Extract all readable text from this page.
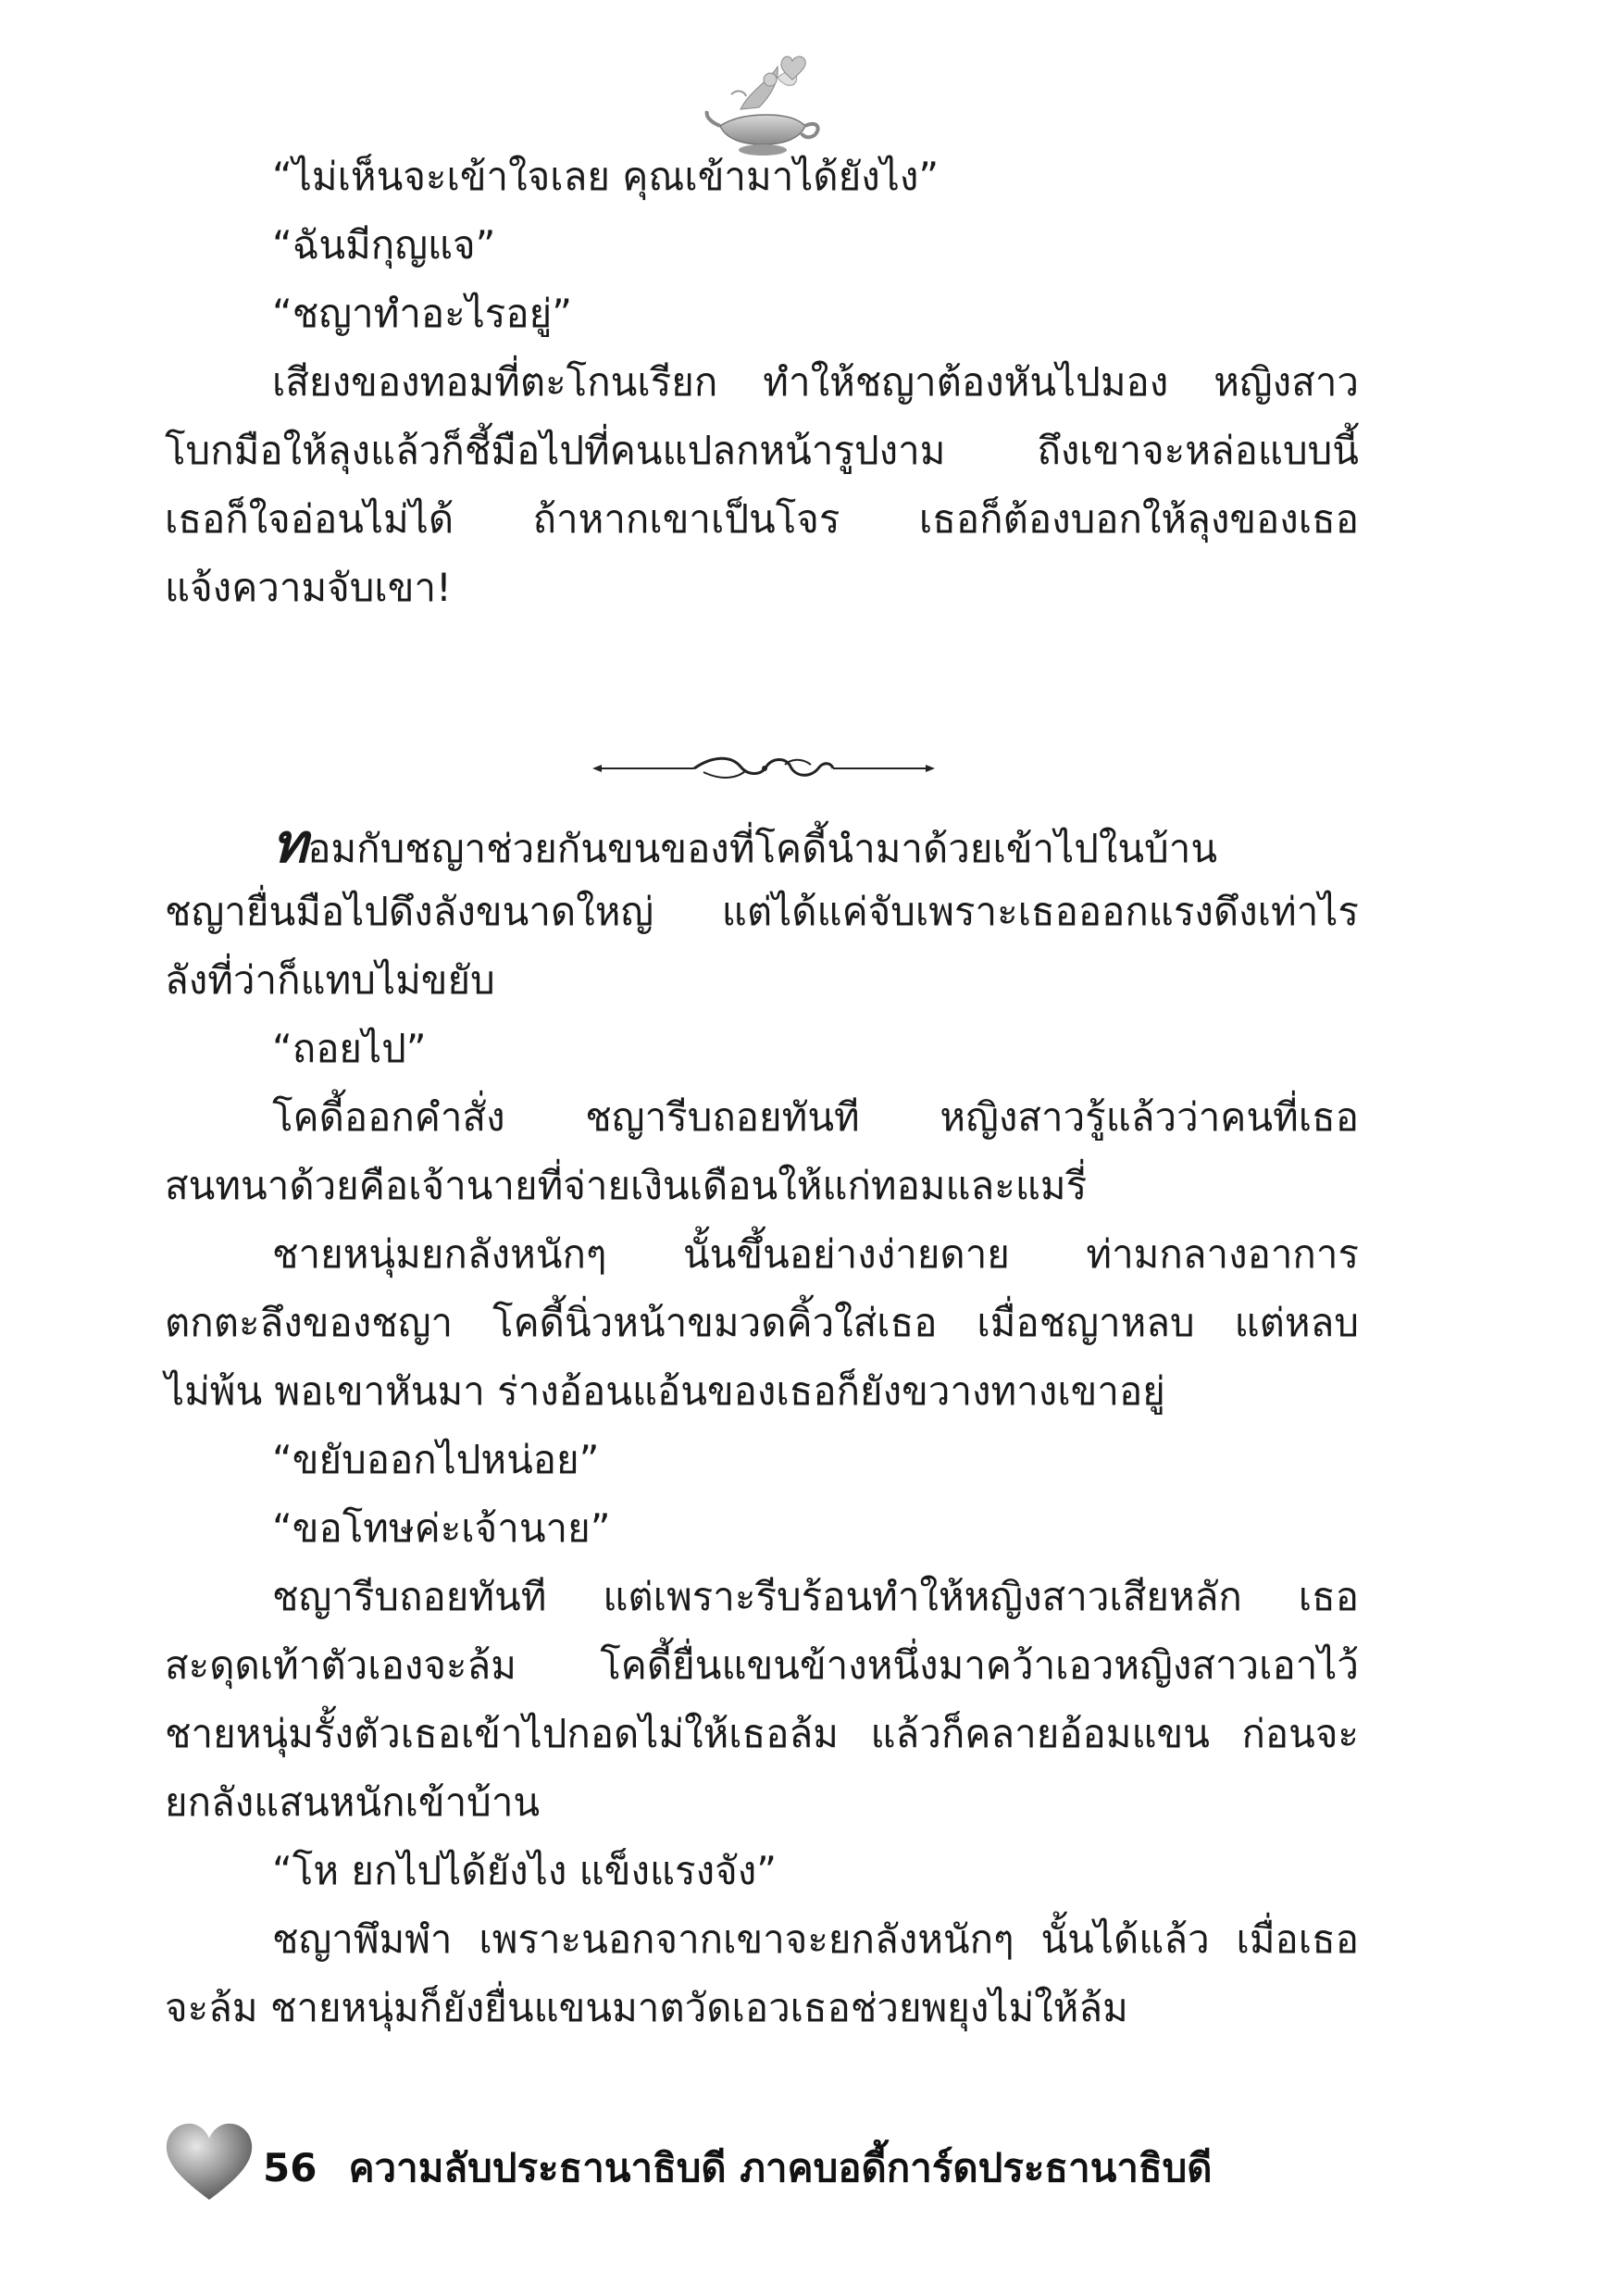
“ไม่เห็นจะเข้าใจเลย คุณเข้ามาได้ยังไง”
“ฉันมีกุญแจ”
“ชญาทำอะไรอยู่”
เสียงของทอมที่ตะโกนเรียก ทำให้ชญาต้องหันไปมอง หญิงสาว
โบกมือให้ลุงแล้วก็ชี้มือไปที่คนแปลกหน้ารูปงาม ถึงเขาจะหล่อแบบนี้
เธอก็ใจอ่อนไม่ได้ ถ้าหากเขาเป็นโจร เธอก็ต้องบอกให้ลุงของเธอ
แจ้งความจับเขา!
ทอมกับชญาช่วยกันขนของที่โคดี้นำมาด้วยเข้าไปในบ้าน
ชญายื่นมือไปดึงลังขนาดใหญ่ แต่ได้แค่จับเพราะเธอออกแรงดึงเท่าไร
ลังที่ว่าก็แทบไม่ขยับ
“ถอยไป”
โคดี้ออกคำสั่ง ชญารีบถอยทันที หญิงสาวรู้แล้วว่าคนที่เธอ
สนทนาด้วยคือเจ้านายที่จ่ายเงินเดือนให้แก่ทอมและแมรี่
ชายหนุ่มยกลังหนักๆ นั้นขึ้นอย่างง่ายดาย ท่ามกลางอาการ
ตกตะลึงของชญา โคดี้นิ่วหน้าขมวดคิ้วใส่เธอ เมื่อชญาหลบ แต่หลบ
ไม่พ้น พอเขาหันมา ร่างอ้อนแอ้นของเธอก็ยังขวางทางเขาอยู่
“ขยับออกไปหน่อย”
“ขอโทษค่ะเจ้านาย”
ชญารีบถอยทันที แต่เพราะรีบร้อนทำให้หญิงสาวเสียหลัก เธอ
สะดุดเท้าตัวเองจะล้ม โคดี้ยื่นแขนข้างหนึ่งมาคว้าเอวหญิงสาวเอาไว้
ชายหนุ่มรั้งตัวเธอเข้าไปกอดไม่ให้เธอล้ม แล้วก็คลายอ้อมแขน ก่อนจะ
ยกลังแสนหนักเข้าบ้าน
“โห ยกไปได้ยังไง แข็งแรงจัง”
ชญาพึมพำ เพราะนอกจากเขาจะยกลังหนักๆ นั้นได้แล้ว เมื่อเธอ
จะล้ม ชายหนุ่มก็ยังยื่นแขนมาตวัดเอวเธอช่วยพยุงไม่ให้ล้ม
56 ความลับประธานาธิบดี ภาคบอดี้การ์ดประธานาธิบดี
